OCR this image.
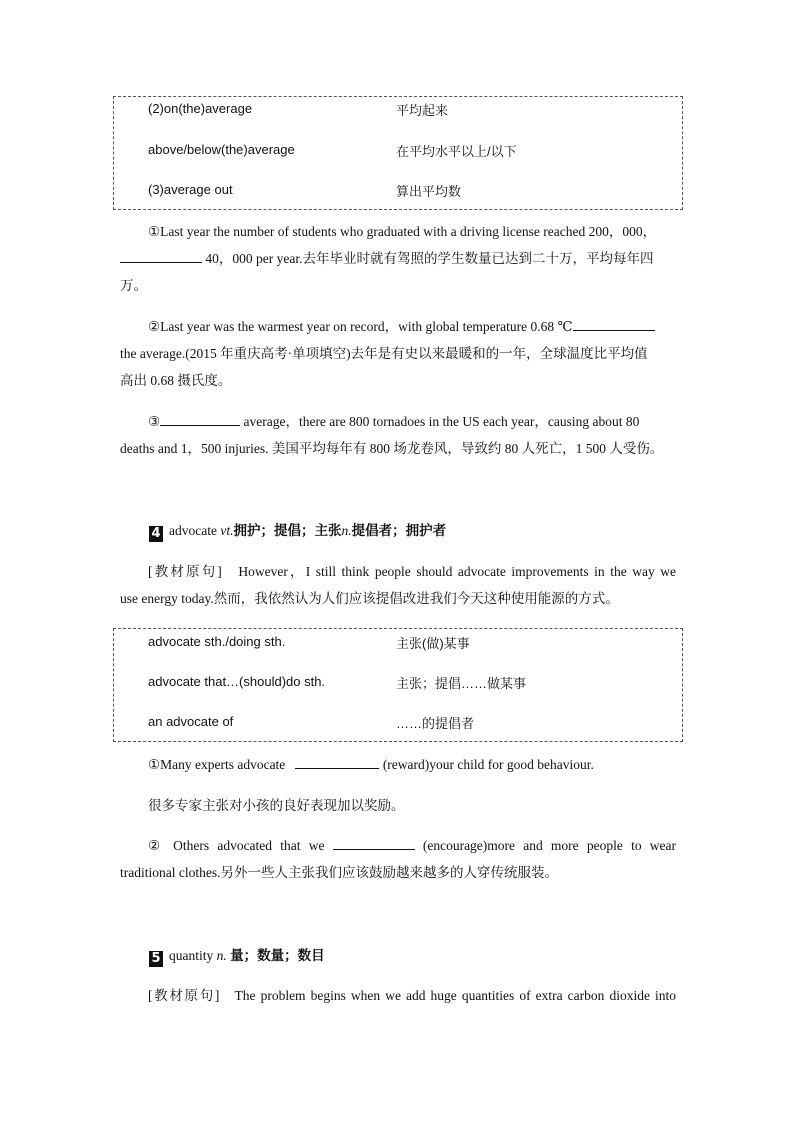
(2)on(the)average	平均起来
above/below(the)average	在平均水平以上/以下
(3)average out	算出平均数
①Last year the number of students who graduated with a driving license reached 200，000，
40，000 per year.去年毕业时就有驾照的学生数量已达到二十万，平均每年四
万。
②Last year was the warmest year on record，with global temperature 0.68 ℃
the average.(2015 年重庆高考·单项填空)去年是有史以来最暖和的一年，全球温度比平均值
高出 0.68 摄氏度。
③	average，there are 800 tornadoes in the US each year，causing about 80
deaths and 1，500 injuries. 美国平均每年有 800 场龙卷风，导致约 80 人死亡，1 500 人受伤。
4 advocate vt.拥护；提倡；主张n.提倡者；拥护者
[教材原句] However，I still think people should advocate improvements in the way we
use energy today.然而，我依然认为人们应该提倡改进我们今天这种使用能源的方式。
advocate sth./doing sth.	主张(做)某事
advocate that…(should)do sth.	主张；提倡……做某事
an advocate of	……的提倡者
①Many experts advocate	(reward)your child for good behaviour.
很多专家主张对小孩的良好表现加以奖励。
② Others advocated that we	(encourage)more and more people to wear
traditional clothes.另外一些人主张我们应该鼓励越来越多的人穿传统服装。
5 quantity n. 量；数量；数目
[教材原句] The problem begins when we add huge quantities of extra carbon dioxide into
